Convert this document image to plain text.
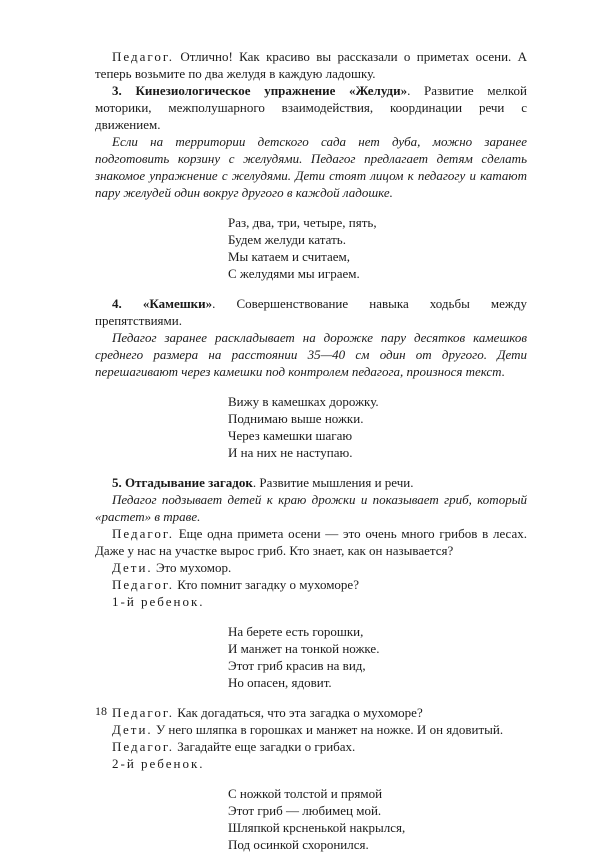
Педагог. Отлично! Как красиво вы рассказали о приметах осени. А теперь возьмите по два желудя в каждую ладошку.

3. Кинезиологическое упражнение «Желуди». Развитие мелкой моторики, межполушарного взаимодействия, координации речи с движением.

Если на территории детского сада нет дуба, можно заранее подготовить корзину с желудями. Педагог предлагает детям сделать знакомое упражнение с желудями. Дети стоят лицом к педагогу и катают пару желудей один вокруг другого в каждой ладошке.

Раз, два, три, четыре, пять,
Будем желуди катать.
Мы катаем и считаем,
С желудями мы играем.

4. «Камешки». Совершенствование навыка ходьбы между препятствиями.

Педагог заранее раскладывает на дорожке пару десятков камешков среднего размера на расстоянии 35—40 см один от другого. Дети перешагивают через камешки под контролем педагога, произнося текст.

Вижу в камешках дорожку.
Поднимаю выше ножки.
Через камешки шагаю
И на них не наступаю.

5. Отгадывание загадок. Развитие мышления и речи.

Педагог подзывает детей к краю дрожки и показывает гриб, который «растет» в траве.

Педагог. Еще одна примета осени — это очень много грибов в лесах. Даже у нас на участке вырос гриб. Кто знает, как он называется?

Дети. Это мухомор.

Педагог. Кто помнит загадку о мухоморе?

1-й ребенок.

На берете есть горошки,
И манжет на тонкой ножке.
Этот гриб красив на вид,
Но опасен, ядовит.

Педагог. Как догадаться, что эта загадка о мухоморе?

Дети. У него шляпка в горошках и манжет на ножке. И он ядовитый.

Педагог. Загадайте еще загадки о грибах.

2-й ребенок.

С ножкой толстой и прямой
Этот гриб — любимец мой.
Шляпкой крсненькой накрылся,
Под осинкой схоронился.
18
